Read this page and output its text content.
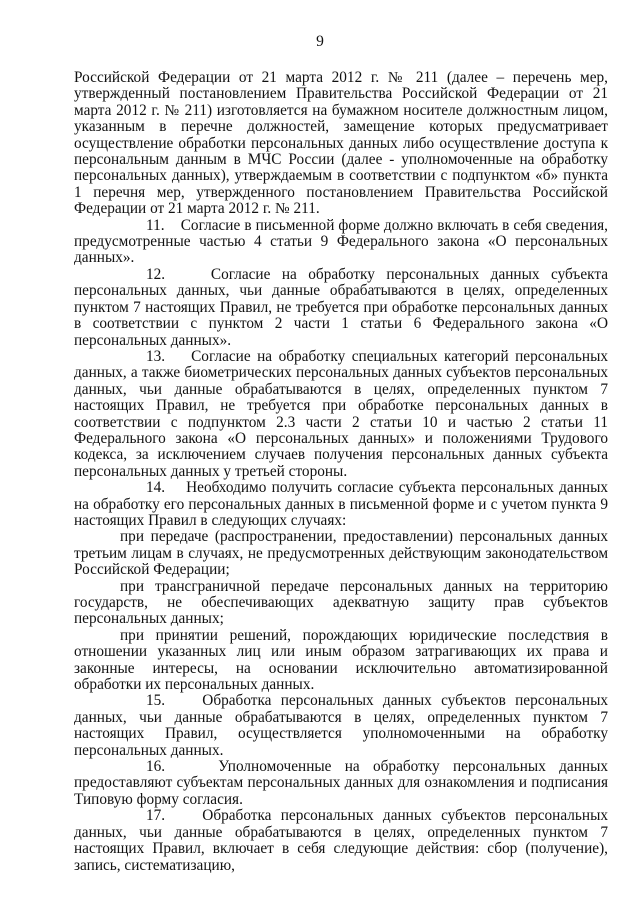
9

Российской Федерации от 21 марта 2012 г. № 211 (далее – перечень мер, утвержденный постановлением Правительства Российской Федерации от 21 марта 2012 г. № 211) изготовляется на бумажном носителе должностным лицом, указанным в перечне должностей, замещение которых предусматривает осуществление обработки персональных данных либо осуществление доступа к персональным данным в МЧС России (далее - уполномоченные на обработку персональных данных), утверждаемым в соответствии с подпунктом «б» пункта 1 перечня мер, утвержденного постановлением Правительства Российской Федерации от 21 марта 2012 г. № 211.

11. Согласие в письменной форме должно включать в себя сведения, предусмотренные частью 4 статьи 9 Федерального закона «О персональных данных».

12.	Согласие на обработку персональных данных субъекта персональных данных, чьи данные обрабатываются в целях, определенных пунктом 7 настоящих Правил, не требуется при обработке персональных данных в соответствии с пунктом 2 части 1 статьи 6 Федерального закона «О персональных данных».

13. Согласие на обработку специальных категорий персональных данных, а также биометрических персональных данных субъектов персональных данных, чьи данные обрабатываются в целях, определенных пунктом 7 настоящих Правил, не требуется при обработке персональных данных в соответствии с подпунктом 2.3 части 2 статьи 10 и частью 2 статьи 11 Федерального закона «О персональных данных» и положениями Трудового кодекса, за исключением случаев получения персональных данных субъекта персональных данных у третьей стороны.

14. Необходимо получить согласие субъекта персональных данных на обработку его персональных данных в письменной форме и с учетом пункта 9 настоящих Правил в следующих случаях:

при передаче (распространении, предоставлении) персональных данных третьим лицам в случаях, не предусмотренных действующим законодательством Российской Федерации;

при трансграничной передаче персональных данных на территорию государств, не обеспечивающих адекватную защиту прав субъектов персональных данных;

при принятии решений, порождающих юридические последствия в отношении указанных лиц или иным образом затрагивающих их права и законные интересы, на основании исключительно автоматизированной обработки их персональных данных.

15. Обработка персональных данных субъектов персональных данных, чьи данные обрабатываются в целях, определенных пунктом 7 настоящих Правил, осуществляется уполномоченными на обработку персональных данных.

16.	Уполномоченные на обработку персональных данных предоставляют субъектам персональных данных для ознакомления и подписания Типовую форму согласия.

17. Обработка персональных данных субъектов персональных данных, чьи данные обрабатываются в целях, определенных пунктом 7 настоящих Правил, включает в себя следующие действия: сбор (получение), запись, систематизацию,
